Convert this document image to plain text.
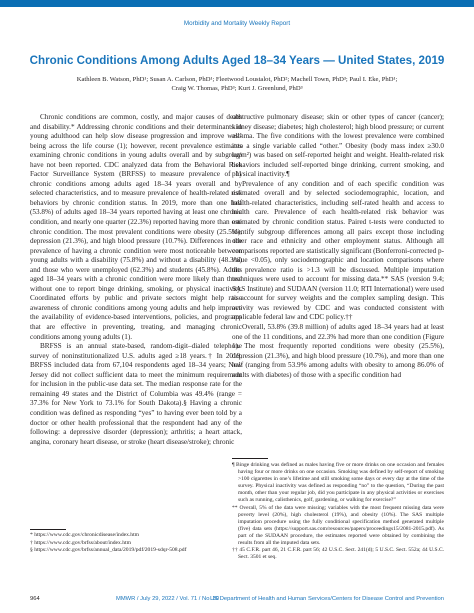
Morbidity and Mortality Weekly Report
Chronic Conditions Among Adults Aged 18–34 Years — United States, 2019
Kathleen B. Watson, PhD¹; Susan A. Carlson, PhD¹; Fleetwood Loustalot, PhD²; Machell Town, PhD³; Paul I. Eke, PhD¹;
Craig W. Thomas, PhD³; Kurt J. Greenlund, PhD³

Chronic conditions are common, costly, and major causes of death and disability.* Addressing chronic conditions and their determinants in young adulthood can help slow disease progression and improve well-being across the life course (1); however, recent prevalence estimates examining chronic conditions in young adults overall and by subgroup have not been reported. CDC analyzed data from the Behavioral Risk Factor Surveillance System (BRFSS) to measure prevalence of 11 chronic conditions among adults aged 18–34 years overall and by selected characteristics, and to measure prevalence of health-related risk behaviors by chronic condition status. In 2019, more than one half (53.8%) of adults aged 18–34 years reported having at least one chronic condition, and nearly one quarter (22.3%) reported having more than one chronic condition. The most prevalent conditions were obesity (25.5%), depression (21.3%), and high blood pressure (10.7%). Differences in the prevalence of having a chronic condition were most noticeable between young adults with a disability (75.8%) and without a disability (48.3%) and those who were unemployed (62.3%) and students (45.8%). Adults aged 18–34 years with a chronic condition were more likely than those without one to report binge drinking, smoking, or physical inactivity. Coordinated efforts by public and private sectors might help raise awareness of chronic conditions among young adults and help improve the availability of evidence-based interventions, policies, and programs that are effective in preventing, treating, and managing chronic conditions among young adults (1).

BRFSS is an annual state-based, random-digit–dialed telephone survey of noninstitutionalized U.S. adults aged ≥18 years.† In 2019, BRFSS included data from 67,104 respondents aged 18–34 years; New Jersey did not collect sufficient data to meet the minimum requirement for inclusion in the public-use data set. The median response rate for the remaining 49 states and the District of Columbia was 49.4% (range = 37.3% for New York to 73.1% for South Dakota).§ Having a chronic condition was defined as responding “yes” to having ever been told by a doctor or other health professional that the respondent had any of the following: a depressive disorder (depression); arthritis; a heart attack, angina, coronary heart disease, or stroke (heart disease/stroke); chronic

* https://www.cdc.gov/chronicdisease/index.htm
† https://www.cdc.gov/brfss/about/index.htm
§ https://www.cdc.gov/brfss/annual_data/2019/pdf/2019-sdqr-508.pdf

obstructive pulmonary disease; skin or other types of cancer (cancer); kidney disease; diabetes; high cholesterol; high blood pressure; or current asthma. The five conditions with the lowest prevalence were combined into a single variable called “other.” Obesity (body mass index ≥30.0 kg/m²) was based on self-reported height and weight. Health-related risk behaviors included self-reported binge drinking, current smoking, and physical inactivity.¶

Prevalence of any condition and of each specific condition was estimated overall and by selected sociodemographic, location, and health-related characteristics, including self-rated health and access to health care. Prevalence of each health-related risk behavior was estimated by chronic condition status. Paired t-tests were conducted to identify subgroup differences among all pairs except those including other race and ethnicity and other employment status. Although all comparisons reported are statistically significant (Bonferroni-corrected p-value <0.05), only sociodemographic and location comparisons where the prevalence ratio is >1.3 will be discussed. Multiple imputation techniques were used to account for missing data.** SAS (version 9.4; SAS Institute) and SUDAAN (version 11.0; RTI International) were used to account for survey weights and the complex sampling design. This activity was reviewed by CDC and was conducted consistent with applicable federal law and CDC policy.††

Overall, 53.8% (39.8 million) of adults aged 18–34 years had at least one of the 11 conditions, and 22.3% had more than one condition (Figure 1). The most frequently reported conditions were obesity (25.5%), depression (21.3%), and high blood pressure (10.7%), and more than one half (ranging from 53.9% among adults with obesity to among 86.0% of adults with diabetes) of those with a specific condition had

¶ Binge drinking was defined as males having five or more drinks on one occasion and females having four or more drinks on one occasion. Smoking was defined by self-report of smoking >100 cigarettes in one’s lifetime and still smoking some days or every day at the time of the survey. Physical inactivity was defined as responding “no” to the question, “During the past month, other than your regular job, did you participate in any physical activities or exercises such as running, calisthenics, golf, gardening, or walking for exercise?”
** Overall, 5% of the data were missing; variables with the most frequent missing data were poverty level (20%), high cholesterol (19%), and obesity (10%). The SAS multiple imputation procedure using the fully conditional specification method generated multiple (five) data sets (https://support.sas.com/resources/papers/proceedings15/2081-2015.pdf). As part of the SUDAAN procedure, the estimates reported were obtained by combining the results from all the imputed data sets.
†† 45 C.F.R. part 46, 21 C.F.R. part 56; 42 U.S.C. Sect. 241(d); 5 U.S.C. Sect. 552a; 44 U.S.C. Sect. 3501 et seq.
964	MMWR / July 29, 2022 / Vol. 71 / No. 30
US Department of Health and Human Services/Centers for Disease Control and Prevention
